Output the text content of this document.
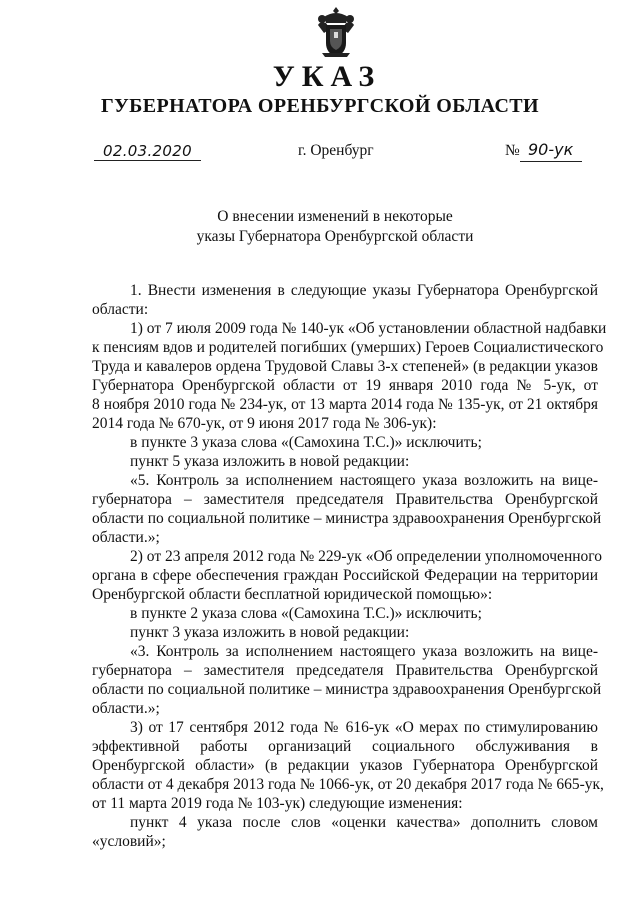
УКАЗ
ГУБЕРНАТОРА ОРЕНБУРГСКОЙ ОБЛАСТИ
02.03.2020	г. Оренбург	№ 90-ук
О внесении изменений в некоторые
указы Губернатора Оренбургской области
1. Внести изменения в следующие указы Губернатора Оренбургской
области:
1) от 7 июля 2009 года № 140-ук «Об установлении областной надбавки
к пенсиям вдов и родителей погибших (умерших) Героев Социалистического
Труда и кавалеров ордена Трудовой Славы 3-х степеней» (в редакции указов
Губернатора Оренбургской области от 19 января 2010 года № 5-ук, от
8 ноября 2010 года № 234-ук, от 13 марта 2014 года № 135-ук, от 21 октября
2014 года № 670-ук, от 9 июня 2017 года № 306-ук):
в пункте 3 указа слова «(Самохина Т.С.)» исключить;
пункт 5 указа изложить в новой редакции:
«5. Контроль за исполнением настоящего указа возложить на вице-
губернатора – заместителя председателя Правительства Оренбургской
области по социальной политике – министра здравоохранения Оренбургской
области.»;
2) от 23 апреля 2012 года № 229-ук «Об определении уполномоченного
органа в сфере обеспечения граждан Российской Федерации на территории
Оренбургской области бесплатной юридической помощью»:
в пункте 2 указа слова «(Самохина Т.С.)» исключить;
пункт 3 указа изложить в новой редакции:
«3. Контроль за исполнением настоящего указа возложить на вице-
губернатора – заместителя председателя Правительства Оренбургской
области по социальной политике – министра здравоохранения Оренбургской
области.»;
3) от 17 сентября 2012 года № 616-ук «О мерах по стимулированию
эффективной работы организаций социального обслуживания в
Оренбургской области» (в редакции указов Губернатора Оренбургской
области от 4 декабря 2013 года № 1066-ук, от 20 декабря 2017 года № 665-ук,
от 11 марта 2019 года № 103-ук) следующие изменения:
пункт 4 указа после слов «оценки качества» дополнить словом
«условий»;
